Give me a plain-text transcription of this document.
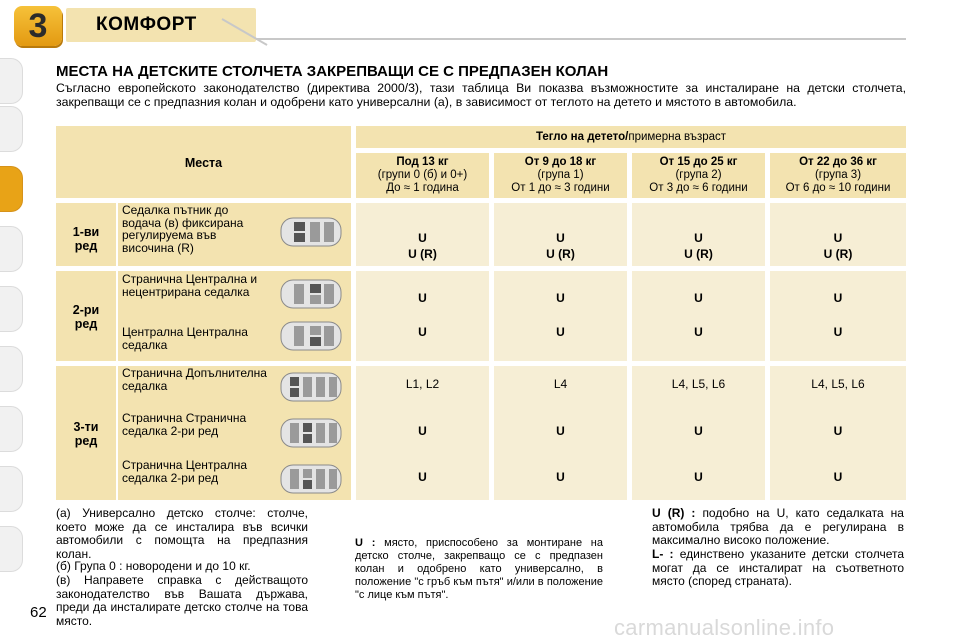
3	КОМФОРТ
МЕСТА НА ДЕТСКИТЕ СТОЛЧЕТА ЗАКРЕПВАЩИ СЕ С ПРЕДПАЗЕН КОЛАН
Съгласно европейското законодателство (директива 2000/3), тази таблица Ви показва възможностите за инсталиране на детски столчета, закрепващи се с предпазния колан и одобрени като универсални (а), в зависимост от теглото на детето и мястото в автомобила.
Места
Тегло на детето/примерна възраст
Под 13 кг
(групи 0 (б) и 0+)
До ≈ 1 година
От 9 до 18 кг
(група 1)
От 1 до ≈ 3 години
От 15 до 25 кг
(група 2)
От 3 до ≈ 6 години
От 22 до 36 кг
(група 3)
От 6 до ≈ 10 години
1-ви ред
Седалка пътник до водача (в) фиксирана регулируема във височина (R)
U
U (R)
U
U (R)
U
U (R)
U
U (R)
2-ри ред
Странична Централна и нецентрирана седалка
Централна Централна седалка
U
U
U
U
U
U
U
U
3-ти ред
Странична Допълнителна седалка
Странична Странична седалка 2-ри ред
Странична Централна седалка 2-ри ред
L1, L2
U
U
L4
U
U
L4, L5, L6
U
U
L4, L5, L6
U
U
(а) Универсално детско столче: столче, което може да се инсталира във всички автомобили с помощта на предпазния колан.
(б) Група 0 : новородени и до 10 кг.
(в) Направете справка с действащото законодателство във Вашата държава, преди да инсталирате детско столче на това място.
U : място, приспособено за монтиране на детско столче, закрепващо се с предпазен колан и одобрено като универсално, в положение "с гръб към пътя" и/или в положение "с лице към пътя".
U (R) : подобно на U, като седалката на автомобила трябва да е регулирана в максимално високо положение.
L- : единствено указаните детски столчета могат да се инсталират на съответното място (според страната).
62
carmanualsonline.info
